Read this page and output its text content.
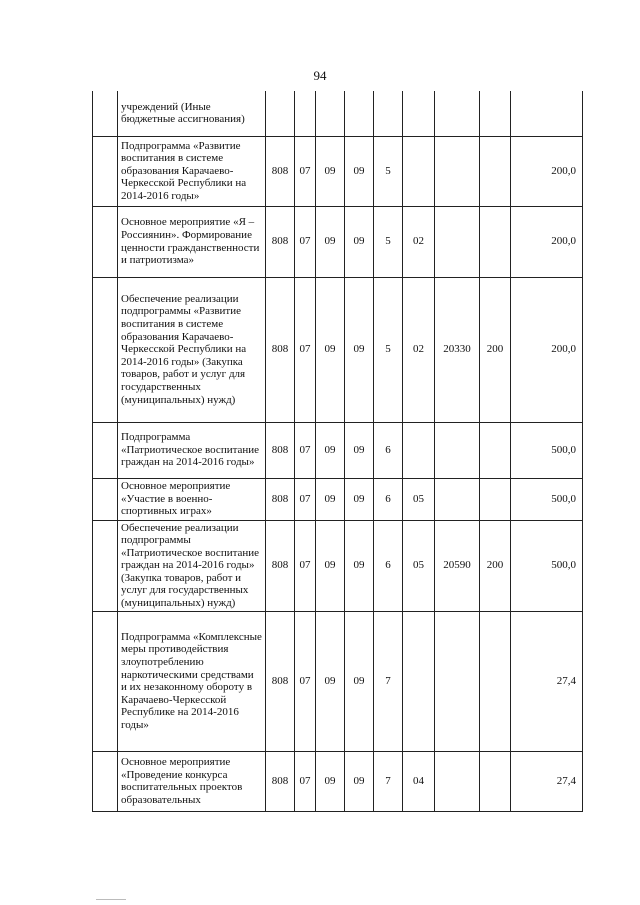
94
	учреждений (Иные бюджетные ассигнования)									
	Подпрограмма «Развитие воспитания в системе образования Карачаево-Черкесской Республики на 2014-2016 годы»	808	07	09	09	5				200,0
	Основное мероприятие «Я – Россиянин». Формирование ценности гражданственности и патриотизма»	808	07	09	09	5	02			200,0
	Обеспечение реализации подпрограммы «Развитие воспитания в системе образования Карачаево-Черкесской Республики на 2014-2016 годы» (Закупка товаров, работ и услуг для государственных (муниципальных) нужд)	808	07	09	09	5	02	20330	200	200,0
	Подпрограмма «Патриотическое воспитание граждан на 2014-2016 годы»	808	07	09	09	6				500,0
	Основное мероприятие «Участие в военно-спортивных играх»	808	07	09	09	6	05			500,0
	Обеспечение реализации подпрограммы «Патриотическое воспитание граждан на 2014-2016 годы» (Закупка товаров, работ и услуг для государственных (муниципальных) нужд)	808	07	09	09	6	05	20590	200	500,0
	Подпрограмма «Комплексные меры противодействия злоупотреблению наркотическими средствами и их незаконному обороту в Карачаево-Черкесской Республике на 2014-2016 годы»	808	07	09	09	7				27,4
	Основное мероприятие «Проведение конкурса воспитательных проектов образовательных	808	07	09	09	7	04			27,4
